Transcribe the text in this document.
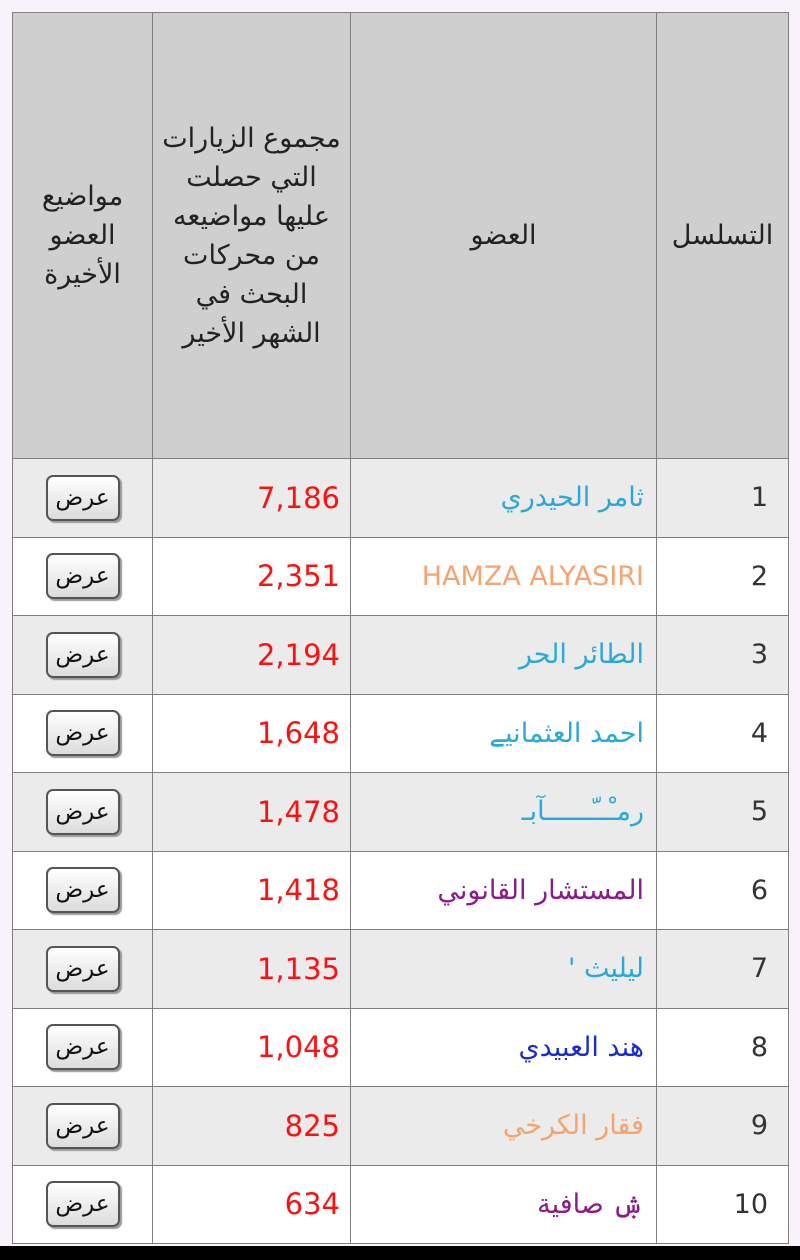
التسلسل	العضو	مجموع الزيارات التي حصلت عليها مواضيعه من محركات البحث في الشهر الأخير	مواضيع العضو الأخيرة
1	ثامر الحيدري	7,186	عرض
2	HAMZA ALYASIRI	2,351	عرض
3	الطائر الحر	2,194	عرض
4	احمد العثمانيے	1,648	عرض
5	رمـْــّــــــآبـ	1,478	عرض
6	المستشار القانوني	1,418	عرض
7	ليليث '	1,135	عرض
8	هند العبيدي	1,048	عرض
9	فقار الكرخي	825	عرض
10	ۺ صافية	634	عرض
